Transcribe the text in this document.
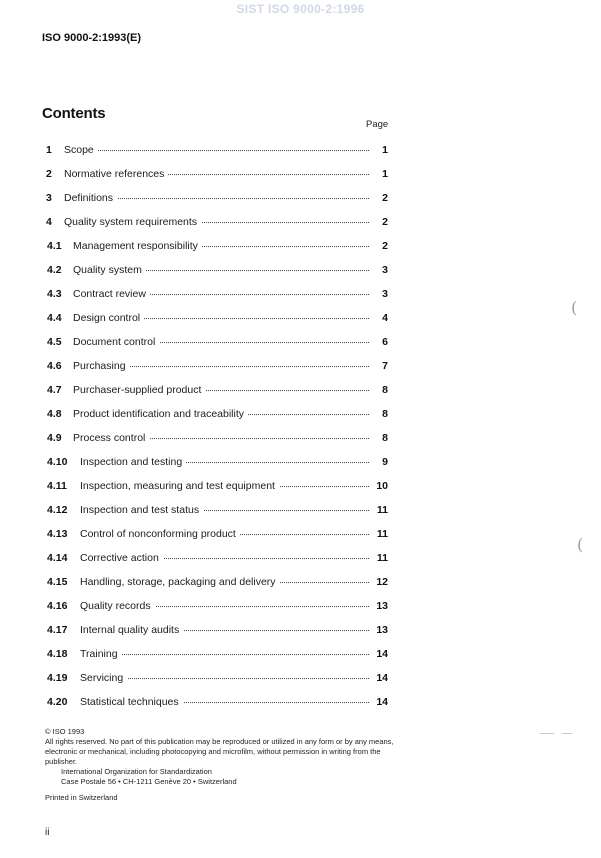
SIST ISO 9000-2:1996
ISO 9000-2:1993(E)
Contents
Page
1 Scope	1
2 Normative references	1
3 Definitions	2
4 Quality system requirements	2
4.1 Management responsibility	2
4.2 Quality system	3
4.3 Contract review	3
4.4 Design control	4
4.5 Document control	6
4.6 Purchasing	7
4.7 Purchaser-supplied product	8
4.8 Product identification and traceability	8
4.9 Process control	8
4.10 Inspection and testing	9
4.11 Inspection, measuring and test equipment	10
4.12 Inspection and test status	11
4.13 Control of nonconforming product	11
4.14 Corrective action	11
4.15 Handling, storage, packaging and delivery	12
4.16 Quality records	13
4.17 Internal quality audits	13
4.18 Training	14
4.19 Servicing	14
4.20 Statistical techniques	14

© ISO 1993

All rights reserved. No part of this publication may be reproduced or utilized in any form or by any means, electronic or mechanical, including photocopying and microfilm, without permission in writing from the publisher.

International Organization for Standardization

Case Postale 56 • CH-1211 Genève 20 • Switzerland

Printed in Switzerland

ii
(
(
